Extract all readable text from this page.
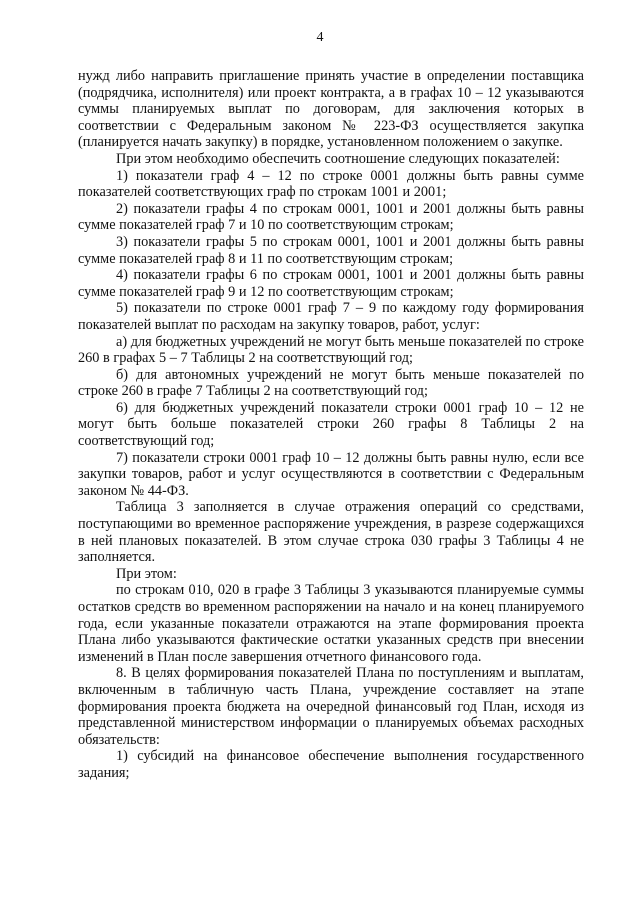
4

нужд либо направить приглашение принять участие в определении поставщика (подрядчика, исполнителя) или проект контракта, а в графах 10 – 12 указываются суммы планируемых выплат по договорам, для заключения которых в соответствии с Федеральным законом № 223-ФЗ осуществляется закупка (планируется начать закупку) в порядке, установленном положением о закупке.

При этом необходимо обеспечить соотношение следующих показателей:

1) показатели граф 4 – 12 по строке 0001 должны быть равны сумме показателей соответствующих граф по строкам 1001 и 2001;

2) показатели графы 4 по строкам 0001, 1001 и 2001 должны быть равны сумме показателей граф 7 и 10 по соответствующим строкам;

3) показатели графы 5 по строкам 0001, 1001 и 2001 должны быть равны сумме показателей граф 8 и 11 по соответствующим строкам;

4) показатели графы 6 по строкам 0001, 1001 и 2001 должны быть равны сумме показателей граф 9 и 12 по соответствующим строкам;

5) показатели по строке 0001 граф 7 – 9 по каждому году формирования показателей выплат по расходам на закупку товаров, работ, услуг:

а) для бюджетных учреждений не могут быть меньше показателей по строке 260 в графах 5 – 7 Таблицы 2 на соответствующий год;

б) для автономных учреждений не могут быть меньше показателей по строке 260 в графе 7 Таблицы 2 на соответствующий год;

6) для бюджетных учреждений показатели строки 0001 граф 10 – 12 не могут быть больше показателей строки 260 графы 8 Таблицы 2 на соответствующий год;

7) показатели строки 0001 граф 10 – 12 должны быть равны нулю, если все закупки товаров, работ и услуг осуществляются в соответствии с Федеральным законом № 44-ФЗ.

Таблица 3 заполняется в случае отражения операций со средствами, поступающими во временное распоряжение учреждения, в разрезе содержащихся в ней плановых показателей. В этом случае строка 030 графы 3 Таблицы 4 не заполняется.

При этом:

по строкам 010, 020 в графе 3 Таблицы 3 указываются планируемые суммы остатков средств во временном распоряжении на начало и на конец планируемого года, если указанные показатели отражаются на этапе формирования проекта Плана либо указываются фактические остатки указанных средств при внесении изменений в План после завершения отчетного финансового года.

8. В целях формирования показателей Плана по поступлениям и выплатам, включенным в табличную часть Плана, учреждение составляет на этапе формирования проекта бюджета на очередной финансовый год План, исходя из представленной министерством информации о планируемых объемах расходных обязательств:

1) субсидий на финансовое обеспечение выполнения государственного задания;
